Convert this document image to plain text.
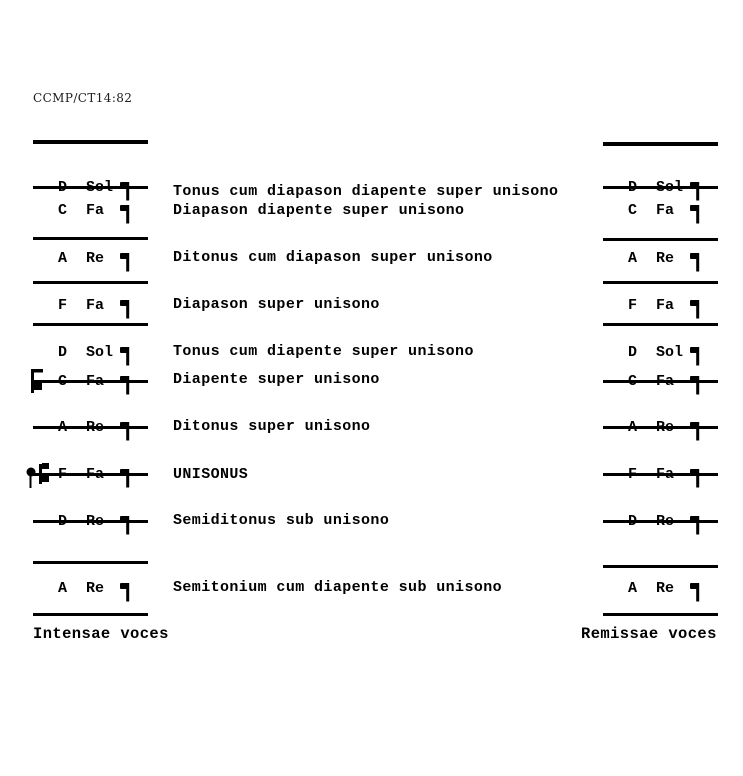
CCMP/CT14:82
D Sol
C Fa
A Re
F Fa
D Sol
C Fa
A Re
F Fa
D Re
A Re
Tonus cum diapason diapente super unisono
Diapason diapente super unisono
Ditonus cum diapason super unisono
Diapason super unisono
Tonus cum diapente super unisono
Diapente super unisono
Ditonus super unisono
UNISONUS
Semiditonus sub unisono
Semitonium cum diapente sub unisono
D Sol
C Fa
A Re
F Fa
D Sol
C Fa
A Re
F Fa
D Re
A Re
Intensae voces	Remissae voces
